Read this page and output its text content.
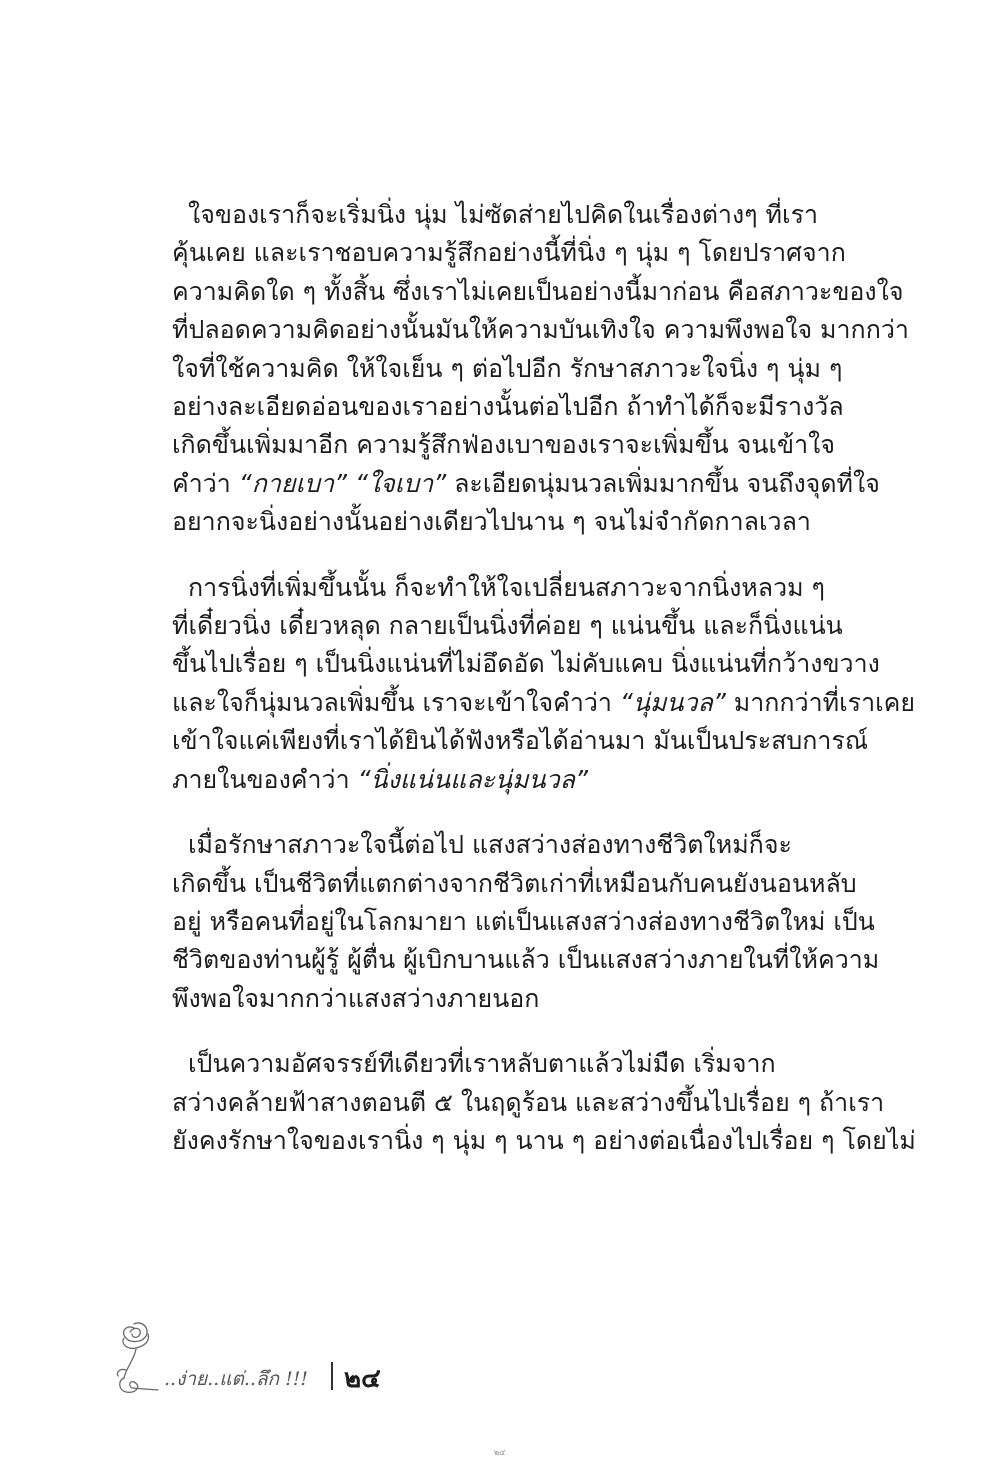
ใจของเราก็จะเริ่มนิ่ง นุ่ม ไม่ซัดส่ายไปคิดในเรื่องต่างๆ ที่เรา
คุ้นเคย และเราชอบความรู้สึกอย่างนี้ที่นิ่ง ๆ นุ่ม ๆ โดยปราศจาก
ความคิดใด ๆ ทั้งสิ้น ซึ่งเราไม่เคยเป็นอย่างนี้มาก่อน คือสภาวะของใจ
ที่ปลอดความคิดอย่างนั้นมันให้ความบันเทิงใจ ความพึงพอใจ มากกว่า
ใจที่ใช้ความคิด ให้ใจเย็น ๆ ต่อไปอีก รักษาสภาวะใจนิ่ง ๆ นุ่ม ๆ
อย่างละเอียดอ่อนของเราอย่างนั้นต่อไปอีก ถ้าทำได้ก็จะมีรางวัล
เกิดขึ้นเพิ่มมาอีก ความรู้สึกฟ่องเบาของเราจะเพิ่มขึ้น จนเข้าใจ
คำว่า “กายเบา” “ใจเบา” ละเอียดนุ่มนวลเพิ่มมากขึ้น จนถึงจุดที่ใจ
อยากจะนิ่งอย่างนั้นอย่างเดียวไปนาน ๆ จนไม่จำกัดกาลเวลา

การนิ่งที่เพิ่มขึ้นนั้น ก็จะทำให้ใจเปลี่ยนสภาวะจากนิ่งหลวม ๆ
ที่เดี๋ยวนิ่ง เดี๋ยวหลุด กลายเป็นนิ่งที่ค่อย ๆ แน่นขึ้น และก็นิ่งแน่น
ขึ้นไปเรื่อย ๆ เป็นนิ่งแน่นที่ไม่อึดอัด ไม่คับแคบ นิ่งแน่นที่กว้างขวาง
และใจก็นุ่มนวลเพิ่มขึ้น เราจะเข้าใจคำว่า “นุ่มนวล” มากกว่าที่เราเคย
เข้าใจแค่เพียงที่เราได้ยินได้ฟังหรือได้อ่านมา มันเป็นประสบการณ์
ภายในของคำว่า “นิ่งแน่นและนุ่มนวล”

เมื่อรักษาสภาวะใจนี้ต่อไป แสงสว่างส่องทางชีวิตใหม่ก็จะ
เกิดขึ้น เป็นชีวิตที่แตกต่างจากชีวิตเก่าที่เหมือนกับคนยังนอนหลับ
อยู่ หรือคนที่อยู่ในโลกมายา แต่เป็นแสงสว่างส่องทางชีวิตใหม่ เป็น
ชีวิตของท่านผู้รู้ ผู้ตื่น ผู้เบิกบานแล้ว เป็นแสงสว่างภายในที่ให้ความ
พึงพอใจมากกว่าแสงสว่างภายนอก

เป็นความอัศจรรย์ทีเดียวที่เราหลับตาแล้วไม่มืด เริ่มจาก
สว่างคล้ายฟ้าสางตอนตี ๕ ในฤดูร้อน และสว่างขึ้นไปเรื่อย ๆ ถ้าเรา
ยังคงรักษาใจของเรานิ่ง ๆ นุ่ม ๆ นาน ๆ อย่างต่อเนื่องไปเรื่อย ๆ โดยไม่

..ง่าย..แต่..ลึก !!! ๒๔
๒๔
